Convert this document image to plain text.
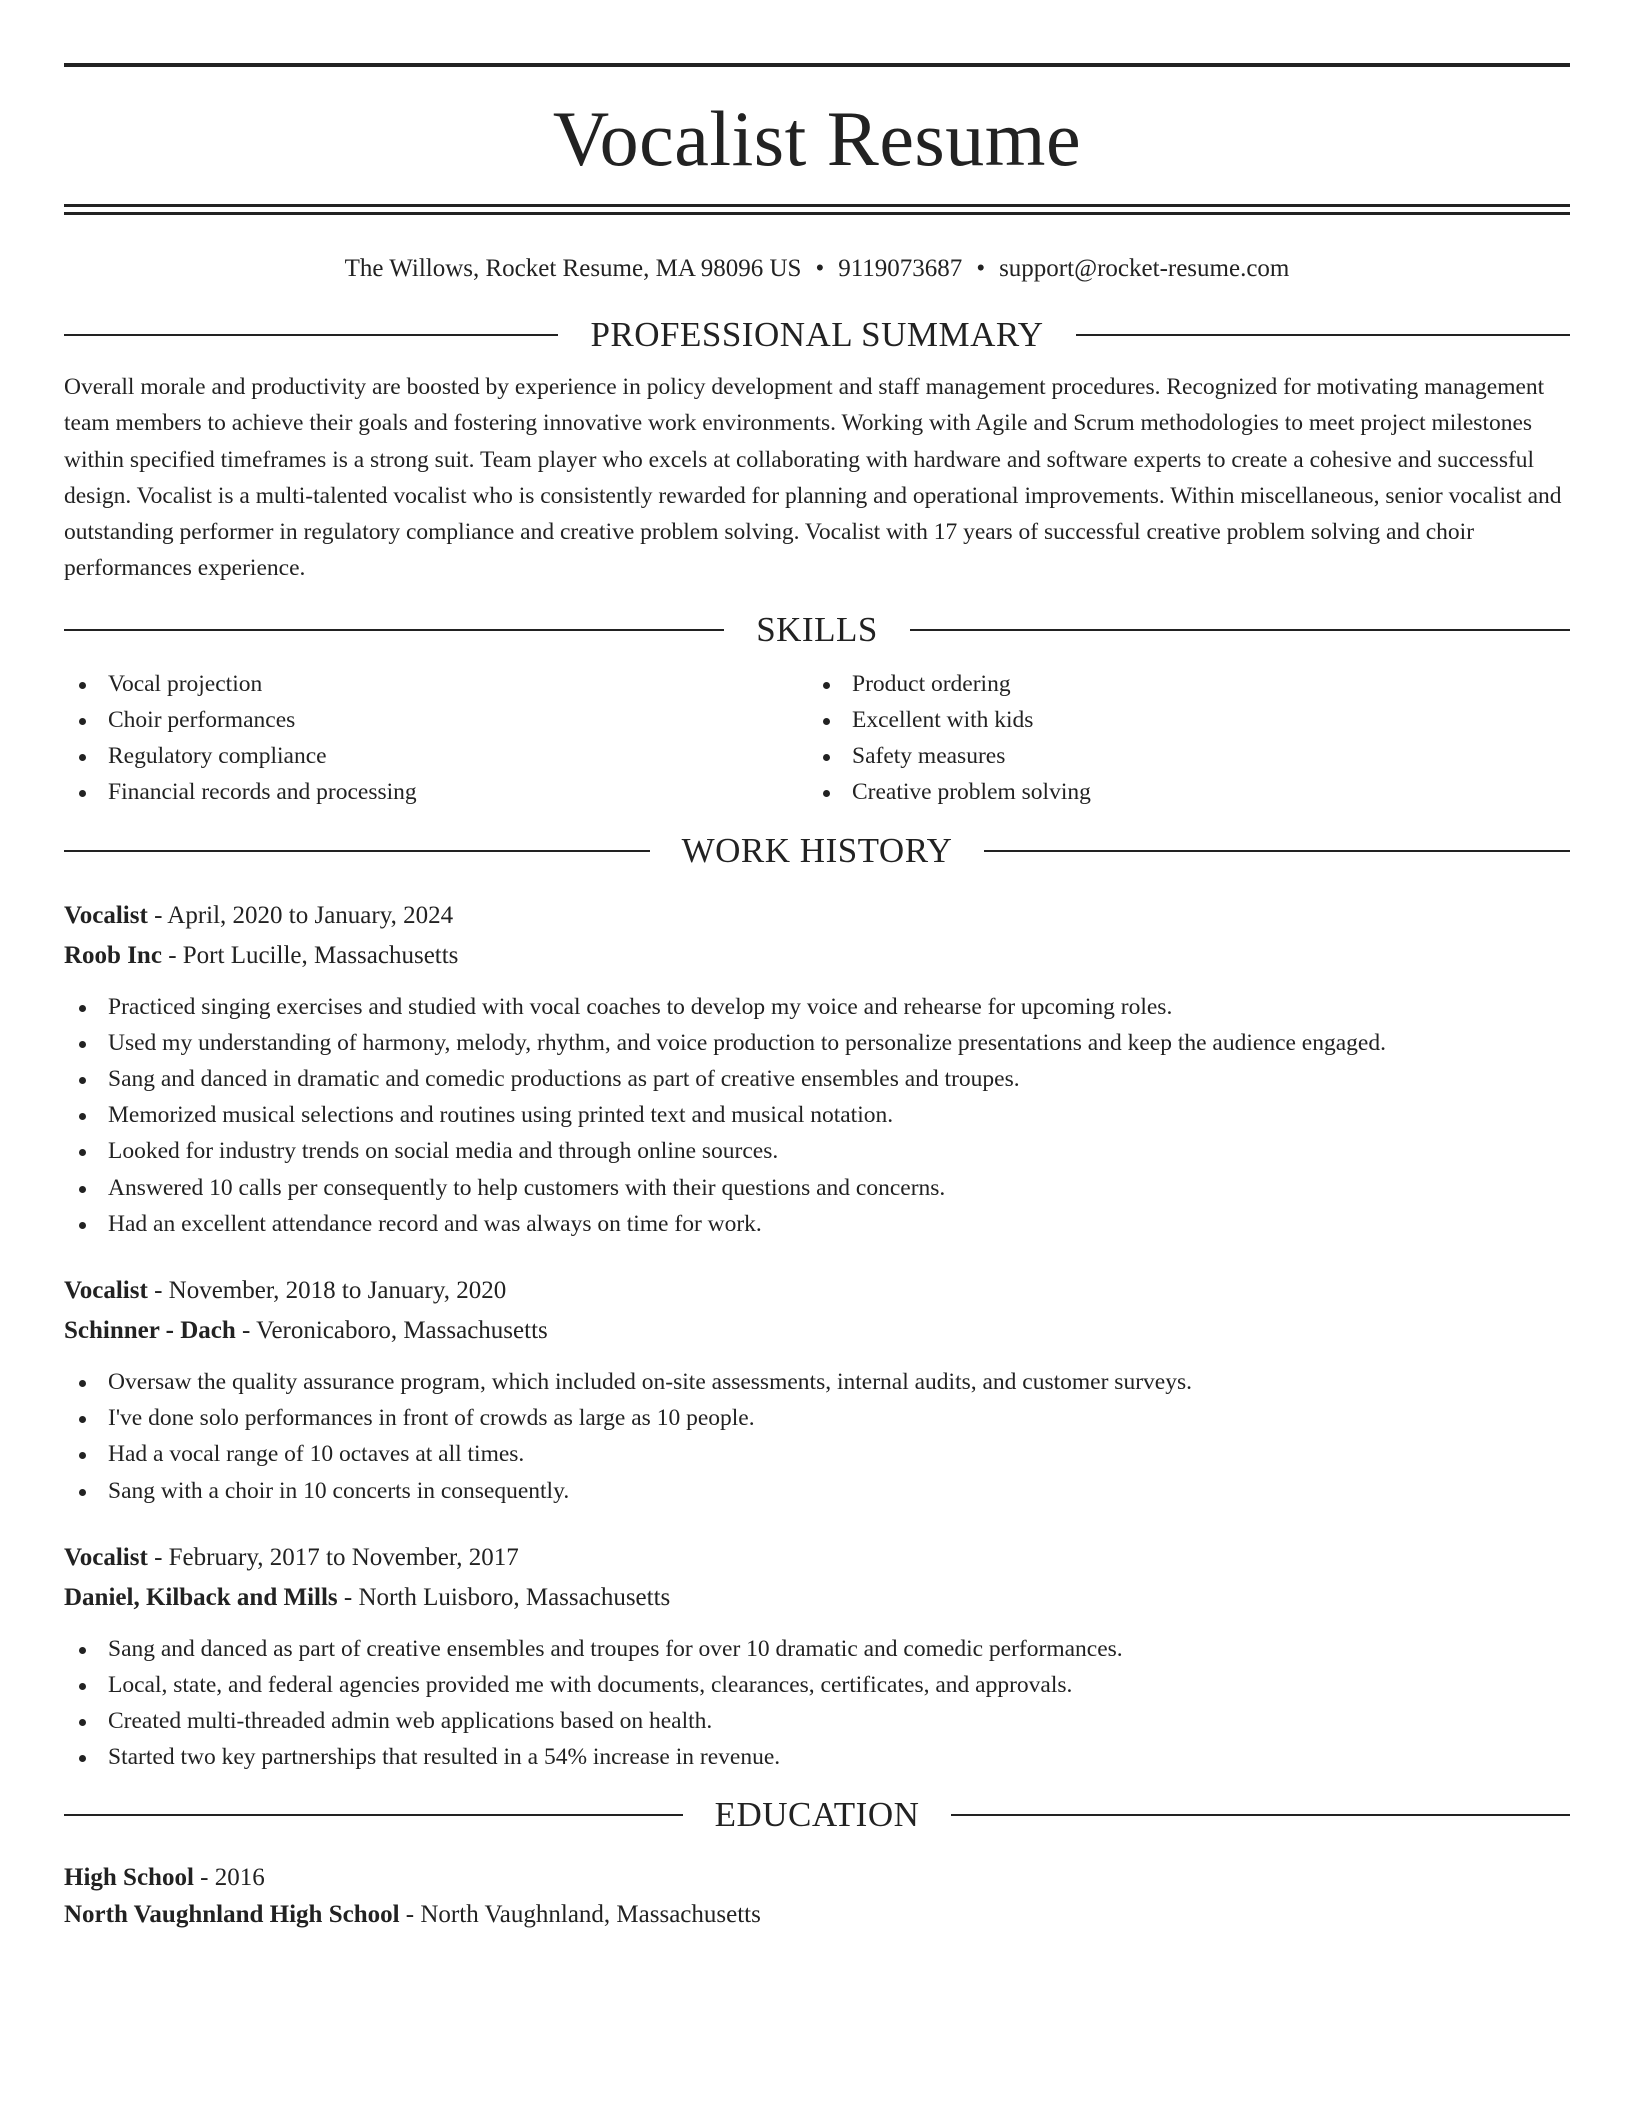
Vocalist Resume
The Willows, Rocket Resume, MA 98096 US • 9119073687 • support@rocket-resume.com
PROFESSIONAL SUMMARY
Overall morale and productivity are boosted by experience in policy development and staff management procedures. Recognized for motivating management team members to achieve their goals and fostering innovative work environments. Working with Agile and Scrum methodologies to meet project milestones within specified timeframes is a strong suit. Team player who excels at collaborating with hardware and software experts to create a cohesive and successful design. Vocalist is a multi-talented vocalist who is consistently rewarded for planning and operational improvements. Within miscellaneous, senior vocalist and outstanding performer in regulatory compliance and creative problem solving. Vocalist with 17 years of successful creative problem solving and choir performances experience.
SKILLS
Vocal projection
Choir performances
Regulatory compliance
Financial records and processing
Product ordering
Excellent with kids
Safety measures
Creative problem solving
WORK HISTORY
Vocalist - April, 2020 to January, 2024
Roob Inc - Port Lucille, Massachusetts
Practiced singing exercises and studied with vocal coaches to develop my voice and rehearse for upcoming roles.
Used my understanding of harmony, melody, rhythm, and voice production to personalize presentations and keep the audience engaged.
Sang and danced in dramatic and comedic productions as part of creative ensembles and troupes.
Memorized musical selections and routines using printed text and musical notation.
Looked for industry trends on social media and through online sources.
Answered 10 calls per consequently to help customers with their questions and concerns.
Had an excellent attendance record and was always on time for work.
Vocalist - November, 2018 to January, 2020
Schinner - Dach - Veronicaboro, Massachusetts
Oversaw the quality assurance program, which included on-site assessments, internal audits, and customer surveys.
I've done solo performances in front of crowds as large as 10 people.
Had a vocal range of 10 octaves at all times.
Sang with a choir in 10 concerts in consequently.
Vocalist - February, 2017 to November, 2017
Daniel, Kilback and Mills - North Luisboro, Massachusetts
Sang and danced as part of creative ensembles and troupes for over 10 dramatic and comedic performances.
Local, state, and federal agencies provided me with documents, clearances, certificates, and approvals.
Created multi-threaded admin web applications based on health.
Started two key partnerships that resulted in a 54% increase in revenue.
EDUCATION
High School - 2016
North Vaughnland High School - North Vaughnland, Massachusetts
